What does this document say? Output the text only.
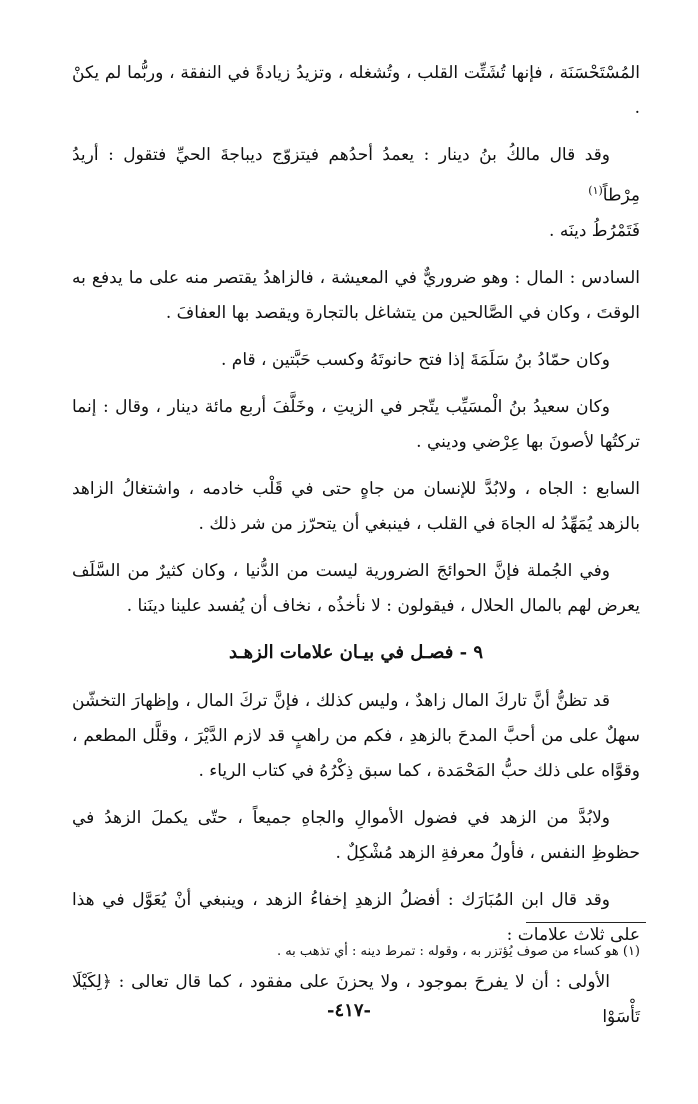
المُسْتَحْسَنَة ، فإنها تُشَتِّت القلب ، وتُشغله ، وتزيدُ زيادةً في النفقة ، وربُّما لم يكنْ .

وقد قال مالكُ بنُ دينار : يعمدُ أحدُهم فيتزوّج ديباجةَ الحيِّ فتقول : أريدُ مِرْطاً$^{(١)}$

فَتَمْرُطُ دينَه .

السادس : المال : وهو ضروريٌّ في المعيشة ، فالزاهدُ يقتصر منه على ما يدفع به الوقتَ ، وكان في الصَّالحين من يتشاغل بالتجارة ويقصد بها العفافَ .

وكان حمّادُ بنُ سَلَمَةَ إذا فتح حانوتَهُ وكسب حَبَّتين ، قام .

وكان سعيدُ بنُ الْمسَيِّب يتّجر في الزيتِ ، وخَلَّفَ أربع مائة دينار ، وقال : إنما تركتُها لأصونَ بها عِرْضي وديني .

السابع : الجاه ، ولابُدَّ للإنسان من جاهٍ حتى في قَلْب خادمه ، واشتغالُ الزاهد بالزهد يُمَهِّدُ له الجاهَ في القلب ، فينبغي أن يتحرّز من شر ذلك .

وفي الجُملة فإنَّ الحوائجَ الضرورية ليست من الدُّنيا ، وكان كثيرٌ من السَّلَف يعرض لهم بالمال الحلال ، فيقولون : لا نأخذُه ، نخاف أن يُفسد علينا دينَنا .

٩ - فصـل في بيـان علامات الزهـد

قد تظنُّ أنَّ تاركَ المال زاهدٌ ، وليس كذلك ، فإنَّ تركَ المال ، وإظهارَ التخشّن سهلٌ على من أحبَّ المدحَ بالزهدِ ، فكم من راهبٍ قد لازم الدَّيْرَ ، وقلَّل المطعم ، وقوَّاه على ذلك حبُّ المَحْمَدة ، كما سبق ذِكْرُهُ في كتاب الرياء .

ولابُدَّ من الزهد في فضول الأموالِ والجاهِ جميعاً ، حتّى يكملَ الزهدُ في حظوظِ النفس ، فأولُ معرفةِ الزهد مُشْكِلٌ .

وقد قال ابن المُبَارَك : أفضلُ الزهدِ إخفاءُ الزهد ، وينبغي أنْ يُعَوَّل في هذا على ثلاث علامات :

الأولى : أن لا يفرحَ بموجود ، ولا يحزنَ على مفقود ، كما قال تعالى : ﴿لِكَيْلَا تَأْسَوْا

(١) هو كساء من صوف يُؤتزر به ، وقوله : تمرط دينه : أي تذهب به .
-٤١٧-
